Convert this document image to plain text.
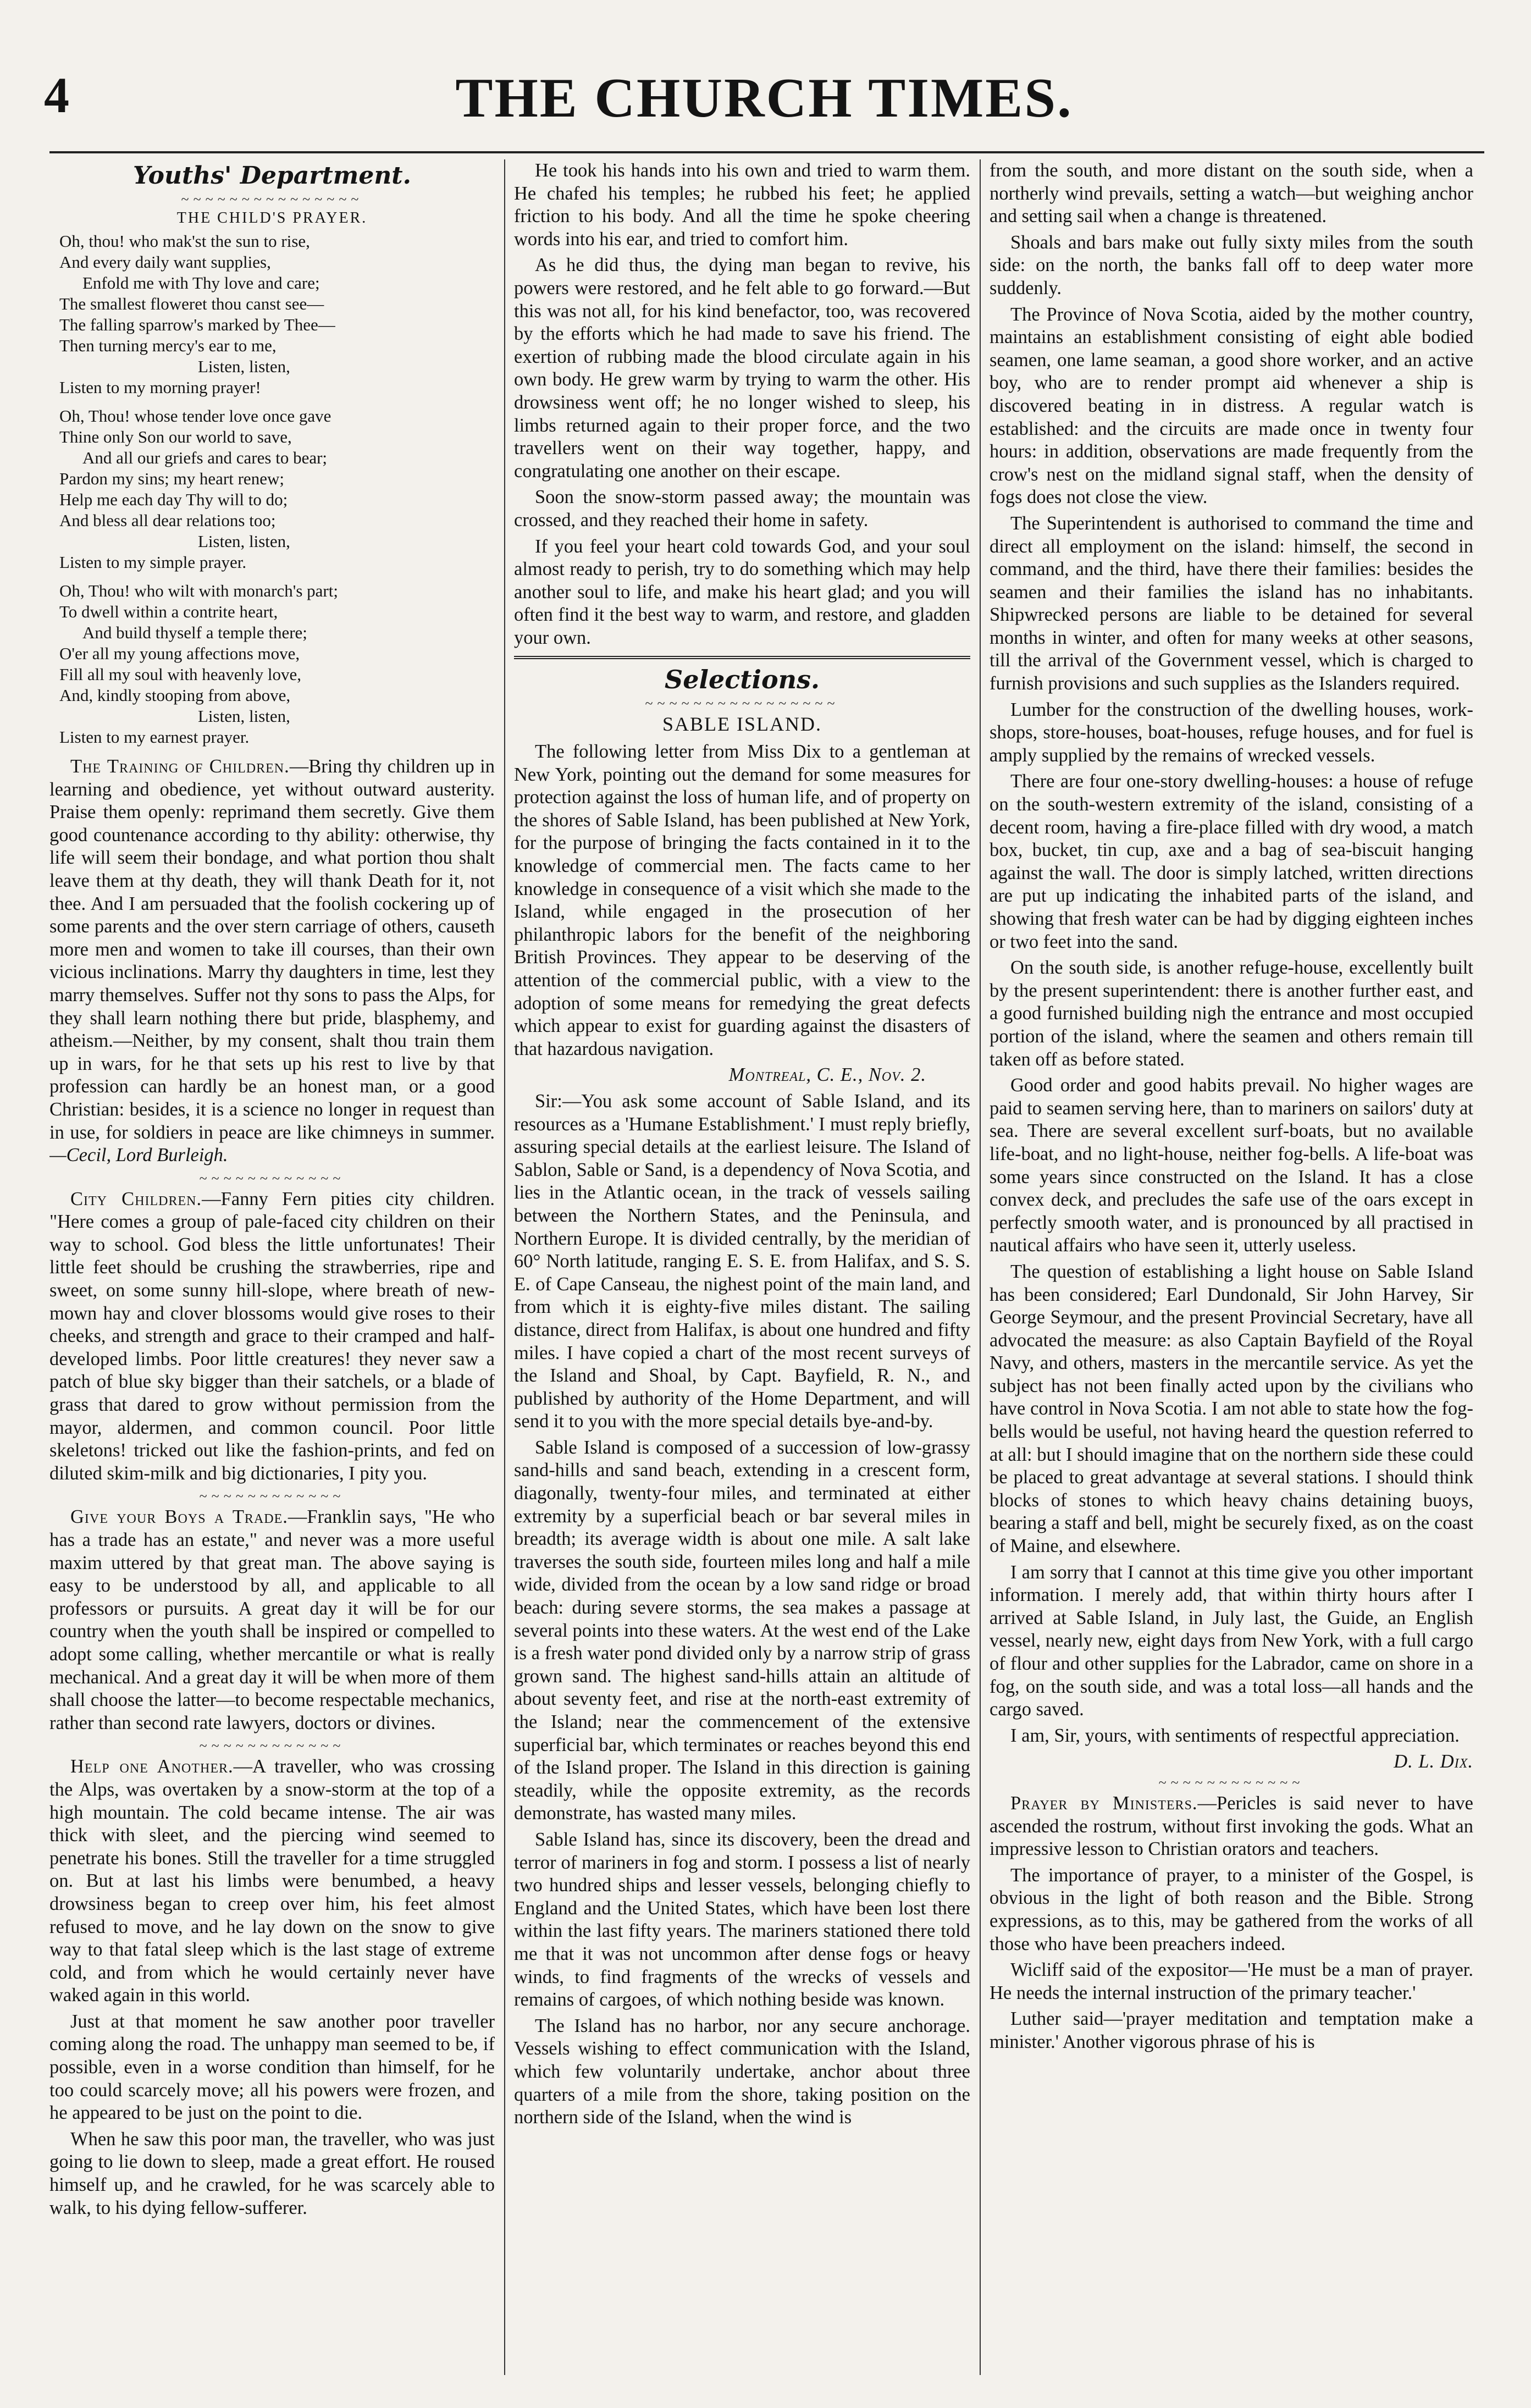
4	THE CHURCH TIMES.
Youths' Department.
~~~~~~~~~~~~~~~
THE CHILD'S PRAYER.
Oh, thou! who mak'st the sun to rise,
And every daily want supplies,
Enfold me with Thy love and care;
The smallest floweret thou canst see—
The falling sparrow's marked by Thee—
Then turning mercy's ear to me,
Listen, listen,
Listen to my morning prayer!
Oh, Thou! whose tender love once gave
Thine only Son our world to save,
And all our griefs and cares to bear;
Pardon my sins; my heart renew;
Help me each day Thy will to do;
And bless all dear relations too;
Listen, listen,
Listen to my simple prayer.
Oh, Thou! who wilt with monarch's part;
To dwell within a contrite heart,
And build thyself a temple there;
O'er all my young affections move,
Fill all my soul with heavenly love,
And, kindly stooping from above,
Listen, listen,
Listen to my earnest prayer.

The Training of Children.—Bring thy children up in learning and obedience, yet without outward austerity. Praise them openly: reprimand them secretly. Give them good countenance according to thy ability: otherwise, thy life will seem their bondage, and what portion thou shalt leave them at thy death, they will thank Death for it, not thee. And I am persuaded that the foolish cockering up of some parents and the over stern carriage of others, causeth more men and women to take ill courses, than their own vicious inclinations. Marry thy daughters in time, lest they marry themselves. Suffer not thy sons to pass the Alps, for they shall learn nothing there but pride, blasphemy, and atheism.—Neither, by my consent, shalt thou train them up in wars, for he that sets up his rest to live by that profession can hardly be an honest man, or a good Christian: besides, it is a science no longer in request than in use, for soldiers in peace are like chimneys in summer.—Cecil, Lord Burleigh.

~~~~~~~~~~~~

City Children.—Fanny Fern pities city children. "Here comes a group of pale-faced city children on their way to school. God bless the little unfortunates! Their little feet should be crushing the strawberries, ripe and sweet, on some sunny hill-slope, where breath of new-mown hay and clover blossoms would give roses to their cheeks, and strength and grace to their cramped and half-developed limbs. Poor little creatures! they never saw a patch of blue sky bigger than their satchels, or a blade of grass that dared to grow without permission from the mayor, aldermen, and common council. Poor little skeletons! tricked out like the fashion-prints, and fed on diluted skim-milk and big dictionaries, I pity you.

~~~~~~~~~~~~

Give your Boys a Trade.—Franklin says, "He who has a trade has an estate," and never was a more useful maxim uttered by that great man. The above saying is easy to be understood by all, and applicable to all professors or pursuits. A great day it will be for our country when the youth shall be inspired or compelled to adopt some calling, whether mercantile or what is really mechanical. And a great day it will be when more of them shall choose the latter—to become respectable mechanics, rather than second rate lawyers, doctors or divines.

~~~~~~~~~~~~

Help one Another.—A traveller, who was crossing the Alps, was overtaken by a snow-storm at the top of a high mountain. The cold became intense. The air was thick with sleet, and the piercing wind seemed to penetrate his bones. Still the traveller for a time struggled on. But at last his limbs were benumbed, a heavy drowsiness began to creep over him, his feet almost refused to move, and he lay down on the snow to give way to that fatal sleep which is the last stage of extreme cold, and from which he would certainly never have waked again in this world.

Just at that moment he saw another poor traveller coming along the road. The unhappy man seemed to be, if possible, even in a worse condition than himself, for he too could scarcely move; all his powers were frozen, and he appeared to be just on the point to die.

When he saw this poor man, the traveller, who was just going to lie down to sleep, made a great effort. He roused himself up, and he crawled, for he was scarcely able to walk, to his dying fellow-sufferer.

He took his hands into his own and tried to warm them. He chafed his temples; he rubbed his feet; he applied friction to his body. And all the time he spoke cheering words into his ear, and tried to comfort him.

As he did thus, the dying man began to revive, his powers were restored, and he felt able to go forward.—But this was not all, for his kind benefactor, too, was recovered by the efforts which he had made to save his friend. The exertion of rubbing made the blood circulate again in his own body. He grew warm by trying to warm the other. His drowsiness went off; he no longer wished to sleep, his limbs returned again to their proper force, and the two travellers went on their way together, happy, and congratulating one another on their escape.

Soon the snow-storm passed away; the mountain was crossed, and they reached their home in safety.

If you feel your heart cold towards God, and your soul almost ready to perish, try to do something which may help another soul to life, and make his heart glad; and you will often find it the best way to warm, and restore, and gladden your own.

Selections.
~~~~~~~~~~~~~~~~
SABLE ISLAND.

The following letter from Miss Dix to a gentleman at New York, pointing out the demand for some measures for protection against the loss of human life, and of property on the shores of Sable Island, has been published at New York, for the purpose of bringing the facts contained in it to the knowledge of commercial men. The facts came to her knowledge in consequence of a visit which she made to the Island, while engaged in the prosecution of her philanthropic labors for the benefit of the neighboring British Provinces. They appear to be deserving of the attention of the commercial public, with a view to the adoption of some means for remedying the great defects which appear to exist for guarding against the disasters of that hazardous navigation.

Montreal, C. E., Nov. 2.

Sir:—You ask some account of Sable Island, and its resources as a 'Humane Establishment.' I must reply briefly, assuring special details at the earliest leisure. The Island of Sablon, Sable or Sand, is a dependency of Nova Scotia, and lies in the Atlantic ocean, in the track of vessels sailing between the Northern States, and the Peninsula, and Northern Europe. It is divided centrally, by the meridian of 60° North latitude, ranging E. S. E. from Halifax, and S. S. E. of Cape Canseau, the nighest point of the main land, and from which it is eighty-five miles distant. The sailing distance, direct from Halifax, is about one hundred and fifty miles. I have copied a chart of the most recent surveys of the Island and Shoal, by Capt. Bayfield, R. N., and published by authority of the Home Department, and will send it to you with the more special details bye-and-by.

Sable Island is composed of a succession of low-grassy sand-hills and sand beach, extending in a crescent form, diagonally, twenty-four miles, and terminated at either extremity by a superficial beach or bar several miles in breadth; its average width is about one mile. A salt lake traverses the south side, fourteen miles long and half a mile wide, divided from the ocean by a low sand ridge or broad beach: during severe storms, the sea makes a passage at several points into these waters. At the west end of the Lake is a fresh water pond divided only by a narrow strip of grass grown sand. The highest sand-hills attain an altitude of about seventy feet, and rise at the north-east extremity of the Island; near the commencement of the extensive superficial bar, which terminates or reaches beyond this end of the Island proper. The Island in this direction is gaining steadily, while the opposite extremity, as the records demonstrate, has wasted many miles.

Sable Island has, since its discovery, been the dread and terror of mariners in fog and storm. I possess a list of nearly two hundred ships and lesser vessels, belonging chiefly to England and the United States, which have been lost there within the last fifty years. The mariners stationed there told me that it was not uncommon after dense fogs or heavy winds, to find fragments of the wrecks of vessels and remains of cargoes, of which nothing beside was known.

The Island has no harbor, nor any secure anchorage. Vessels wishing to effect communication with the Island, which few voluntarily undertake, anchor about three quarters of a mile from the shore, taking position on the northern side of the Island, when the wind is

from the south, and more distant on the south side, when a northerly wind prevails, setting a watch—but weighing anchor and setting sail when a change is threatened.

Shoals and bars make out fully sixty miles from the south side: on the north, the banks fall off to deep water more suddenly.

The Province of Nova Scotia, aided by the mother country, maintains an establishment consisting of eight able bodied seamen, one lame seaman, a good shore worker, and an active boy, who are to render prompt aid whenever a ship is discovered beating in in distress. A regular watch is established: and the circuits are made once in twenty four hours: in addition, observations are made frequently from the crow's nest on the midland signal staff, when the density of fogs does not close the view.

The Superintendent is authorised to command the time and direct all employment on the island: himself, the second in command, and the third, have there their families: besides the seamen and their families the island has no inhabitants. Shipwrecked persons are liable to be detained for several months in winter, and often for many weeks at other seasons, till the arrival of the Government vessel, which is charged to furnish provisions and such supplies as the Islanders required.

Lumber for the construction of the dwelling houses, work-shops, store-houses, boat-houses, refuge houses, and for fuel is amply supplied by the remains of wrecked vessels.

There are four one-story dwelling-houses: a house of refuge on the south-western extremity of the island, consisting of a decent room, having a fire-place filled with dry wood, a match box, bucket, tin cup, axe and a bag of sea-biscuit hanging against the wall. The door is simply latched, written directions are put up indicating the inhabited parts of the island, and showing that fresh water can be had by digging eighteen inches or two feet into the sand.

On the south side, is another refuge-house, excellently built by the present superintendent: there is another further east, and a good furnished building nigh the entrance and most occupied portion of the island, where the seamen and others remain till taken off as before stated.

Good order and good habits prevail. No higher wages are paid to seamen serving here, than to mariners on sailors' duty at sea. There are several excellent surf-boats, but no available life-boat, and no light-house, neither fog-bells. A life-boat was some years since constructed on the Island. It has a close convex deck, and precludes the safe use of the oars except in perfectly smooth water, and is pronounced by all practised in nautical affairs who have seen it, utterly useless.

The question of establishing a light house on Sable Island has been considered; Earl Dundonald, Sir John Harvey, Sir George Seymour, and the present Provincial Secretary, have all advocated the measure: as also Captain Bayfield of the Royal Navy, and others, masters in the mercantile service. As yet the subject has not been finally acted upon by the civilians who have control in Nova Scotia. I am not able to state how the fog-bells would be useful, not having heard the question referred to at all: but I should imagine that on the northern side these could be placed to great advantage at several stations. I should think blocks of stones to which heavy chains detaining buoys, bearing a staff and bell, might be securely fixed, as on the coast of Maine, and elsewhere.

I am sorry that I cannot at this time give you other important information. I merely add, that within thirty hours after I arrived at Sable Island, in July last, the Guide, an English vessel, nearly new, eight days from New York, with a full cargo of flour and other supplies for the Labrador, came on shore in a fog, on the south side, and was a total loss—all hands and the cargo saved.

I am, Sir, yours, with sentiments of respectful appreciation.

D. L. Dix.
~~~~~~~~~~~~

Prayer by Ministers.—Pericles is said never to have ascended the rostrum, without first invoking the gods. What an impressive lesson to Christian orators and teachers.

The importance of prayer, to a minister of the Gospel, is obvious in the light of both reason and the Bible. Strong expressions, as to this, may be gathered from the works of all those who have been preachers indeed.

Wicliff said of the expositor—'He must be a man of prayer. He needs the internal instruction of the primary teacher.'

Luther said—'prayer meditation and temptation make a minister.' Another vigorous phrase of his is
